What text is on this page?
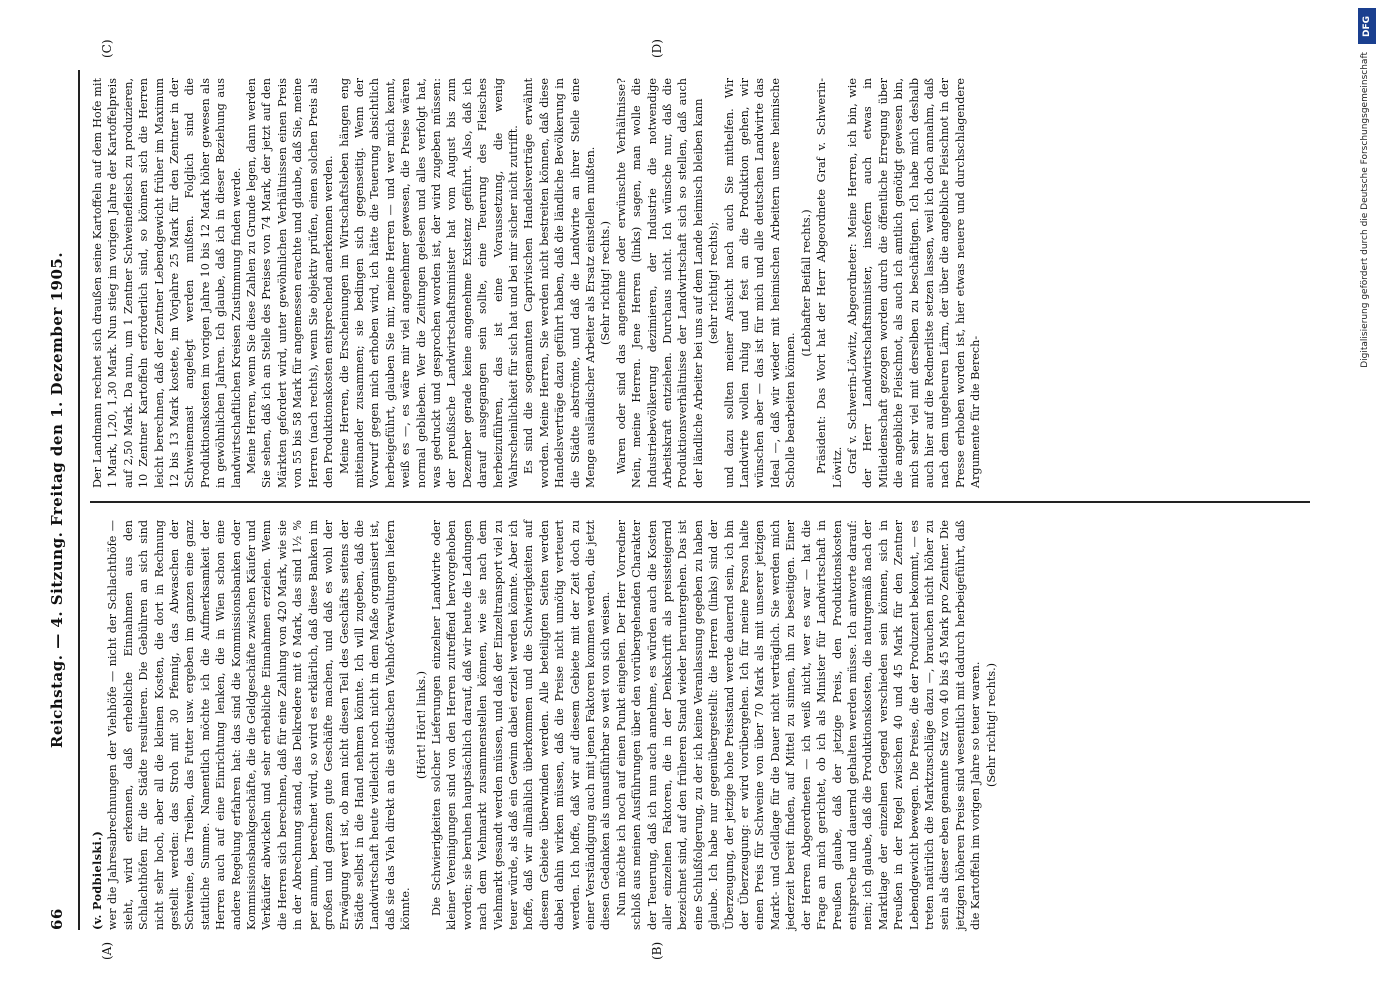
66
Reichstag. — 4. Sitzung. Freitag den 1. Dezember 1905.
(A)	(B)
(C)	(D)

(v. Podbielski.) wer die Jahresabrechnungen der Viehhöfe — nicht der Schlachthöfe — sieht, wird erkennen, daß erhebliche Einnahmen aus den Schlachthöfen für die Städte resultieren. Die Gebühren an sich sind nicht sehr hoch, aber all die kleinen Kosten, die dort in Rechnung gestellt werden: das Stroh mit 30 Pfennig, das Abwaschen der Schweine, das Treiben, das Futter usw. ergeben im ganzen eine ganz stattliche Summe. Namentlich möchte ich die Aufmerksamkeit der Herren auch auf eine Einrichtung lenken, die in Wien schon eine andere Regelung erfahren hat: das sind die Kommissionsbanken oder Kommissionsbankgeschäfte, die die Geldgeschäfte zwischen Käufer und Verkäufer abwickeln und sehr erhebliche Einnahmen erzielen. Wenn die Herren sich berechnen, daß für eine Zahlung von 420 Mark, wie sie in der Abrechnung stand, das Delkredere mit 6 Mark, das sind 1½ % per annum, berechnet wird, so wird es erklärlich, daß diese Banken im großen und ganzen gute Geschäfte machen, und daß es wohl der Erwägung wert ist, ob man nicht diesen Teil des Geschäfts seitens der Städte selbst in die Hand nehmen könnte. Ich will zugeben, daß die Landwirtschaft heute vielleicht noch nicht in dem Maße organisiert ist, daß sie das Vieh direkt an die städtischen Viehhof-Verwaltungen liefern könnte.

(Hört! Hört! links.) Die Schwierigkeiten solcher Lieferungen einzelner Landwirte oder kleiner Vereinigungen sind von den Herren zutreffend hervorgehoben worden; sie beruhen hauptsächlich darauf, daß wir heute die Ladungen nach dem Viehmarkt zusammenstellen können, wie sie nach dem Viehmarkt gesandt werden müssen, und daß der Einzeltransport viel zu teuer würde, als daß ein Gewinn dabei erzielt werden könnte. Aber ich hoffe, daß wir allmählich überkommen und die Schwierigkeiten auf diesem Gebiete überwinden werden. Alle beteiligten Seiten werden dabei dahin wirken müssen, daß die Preise nicht unnötig verteuert werden. Ich hoffe, daß wir auf diesem Gebiete mit der Zeit doch zu einer Verständigung auch mit jenen Faktoren kommen werden, die jetzt diesen Gedanken als unausführbar so weit von sich weisen. Nun möchte ich noch auf einen Punkt eingehen. Der Herr Vorredner schloß aus meinen Ausführungen über den vorübergehenden Charakter der Teuerung, daß ich nun auch annehme, es würden auch die Kosten aller einzelnen Faktoren, die in der Denkschrift als preissteigernd bezeichnet sind, auf den früheren Stand wieder heruntergehen. Das ist eine Schlußfolgerung, zu der ich keine Veranlassung gegeben zu haben glaube. Ich habe nur gegenübergestellt: die Herren (links) sind der Überzeugung, der jetzige hohe Preisstand werde dauernd sein, ich bin der Überzeugung: er wird vorübergehen. Ich für meine Person halte einen Preis für Schweine von über 70 Mark als mit unserer jetzigen Markt- und Geldlage für die Dauer nicht verträglich. Sie werden mich jederzeit bereit finden, auf Mittel zu sinnen, ihn zu beseitigen. Einer der Herren Abgeordneten — ich weiß nicht, wer es war — hat die Frage an mich gerichtet, ob ich als Minister für Landwirtschaft in Preußen glaube, daß der jetzige Preis, den Produktionskosten entspreche und dauernd gehalten werden müsse. Ich antworte darauf: nein; ich glaube, daß die Produktionskosten, die naturgemäß nach der Marktlage der einzelnen Gegend verschieden sein können, sich in Preußen in der Regel zwischen 40 und 45 Mark für den Zentner Lebendgewicht bewegen. Die Preise, die der Produzent bekommt, — es treten natürlich die Marktzuschläge dazu —, brauchen nicht höher zu sein als dieser eben genannte Satz von 40 bis 45 Mark pro Zentner. Die jetzigen höheren Preise sind wesentlich mit dadurch herbeigeführt, daß die Kartoffeln im vorigen Jahre so teuer waren. (Sehr richtig! rechts.)

Der Landmann rechnet sich draußen seine Kartoffeln auf dem Hofe mit 1 Mark, 1,20, 1,30 Mark. Nun stieg im vorigen Jahre der Kartoffelpreis auf 2,50 Mark. Da nun, um 1 Zentner Schweinefleisch zu produzieren, 10 Zentner Kartoffeln erforderlich sind, so können sich die Herren leicht berechnen, daß der Zentner Lebendgewicht früher im Maximum 12 bis 13 Mark kostete, im Vorjahre 25 Mark für den Zentner in der Schweinemast angelegt werden mußten. Folglich sind die Produktionskosten im vorigen Jahre 10 bis 12 Mark höher gewesen als in gewöhnlichen Jahren. Ich glaube, daß ich in dieser Beziehung aus landwirtschaftlichen Kreisen Zustimmung finden werde. Meine Herren, wenn Sie diese Zahlen zu Grunde legen, dann werden Sie sehen, daß ich an Stelle des Preises von 74 Mark, der jetzt auf den Märkten gefordert wird, unter gewöhnlichen Verhältnissen einen Preis von 55 bis 58 Mark für angemessen erachte und glaube, daß Sie, meine Herren (nach rechts), wenn Sie objektiv prüfen, einen solchen Preis als den Produktionskosten entsprechend anerkennen werden. Meine Herren, die Erscheinungen im Wirtschaftsleben hängen eng miteinander zusammen; sie bedingen sich gegenseitig. Wenn der Vorwurf gegen mich erhoben wird, ich hätte die Teuerung absichtlich herbeigeführt, glauben Sie mir, meine Herren — und wer mich kennt, weiß es —, es wäre mir viel angenehmer gewesen, die Preise wären normal geblieben. Wer die Zeitungen gelesen und alles verfolgt hat, was gedruckt und gesprochen worden ist, der wird zugeben müssen: der preußische Landwirtschaftsminister hat vom August bis zum Dezember gerade keine angenehme Existenz geführt. Also, daß ich darauf ausgegangen sein sollte, eine Teuerung des Fleisches herbeizuführen, das ist eine Voraussetzung, die wenig Wahrscheinlichkeit für sich hat und bei mir sicher nicht zutrifft. Es sind die sogenannten Caprivischen Handelsverträge erwähnt worden. Meine Herren, Sie werden nicht bestreiten können, daß diese Handelsverträge dazu geführt haben, daß die ländliche Bevölkerung in die Städte abströmte, und daß die Landwirte an ihrer Stelle eine Menge ausländischer Arbeiter als Ersatz einstellen mußten. (Sehr richtig! rechts.) Waren oder sind das angenehme oder erwünschte Verhältnisse? Nein, meine Herren. Jene Herren (links) sagen, man wolle die Industriebevölkerung dezimieren, der Industrie die notwendige Arbeitskraft entziehen. Durchaus nicht. Ich wünsche nur, daß die Produktionsverhältnisse der Landwirtschaft sich so stellen, daß auch der ländliche Arbeiter bei uns auf dem Lande heimisch bleiben kann (sehr richtig! rechts); und dazu sollten meiner Ansicht nach auch Sie mithelfen. Wir Landwirte wollen ruhig und fest an die Produktion gehen, wir wünschen aber — das ist für mich und alle deutschen Landwirte das Ideal —, daß wir wieder mit heimischen Arbeitern unsere heimische Scholle bearbeiten können.

(Lebhafter Beifall rechts.) Präsident: Das Wort hat der Herr Abgeordnete Graf v. Schwerin-Löwitz. Graf v. Schwerin-Löwitz, Abgeordneter: Meine Herren, ich bin, wie der Herr Landwirtschaftsminister, insofern auch etwas in Mitleidenschaft gezogen worden durch die öffentliche Erregung über die angebliche Fleischnot, als auch ich amtlich genötigt gewesen bin, mich sehr viel mit derselben zu beschäftigen. Ich habe mich deshalb auch hier auf die Rednerliste setzen lassen, weil ich doch annahm, daß nach dem ungeheuren Lärm, der über die angebliche Fleischnot in der Presse erhoben worden ist, hier etwas neuere und durchschlagendere Argumente für die Berech-

DFG
Digitalisierung gefördert durch die Deutsche Forschungsgemeinschaft
